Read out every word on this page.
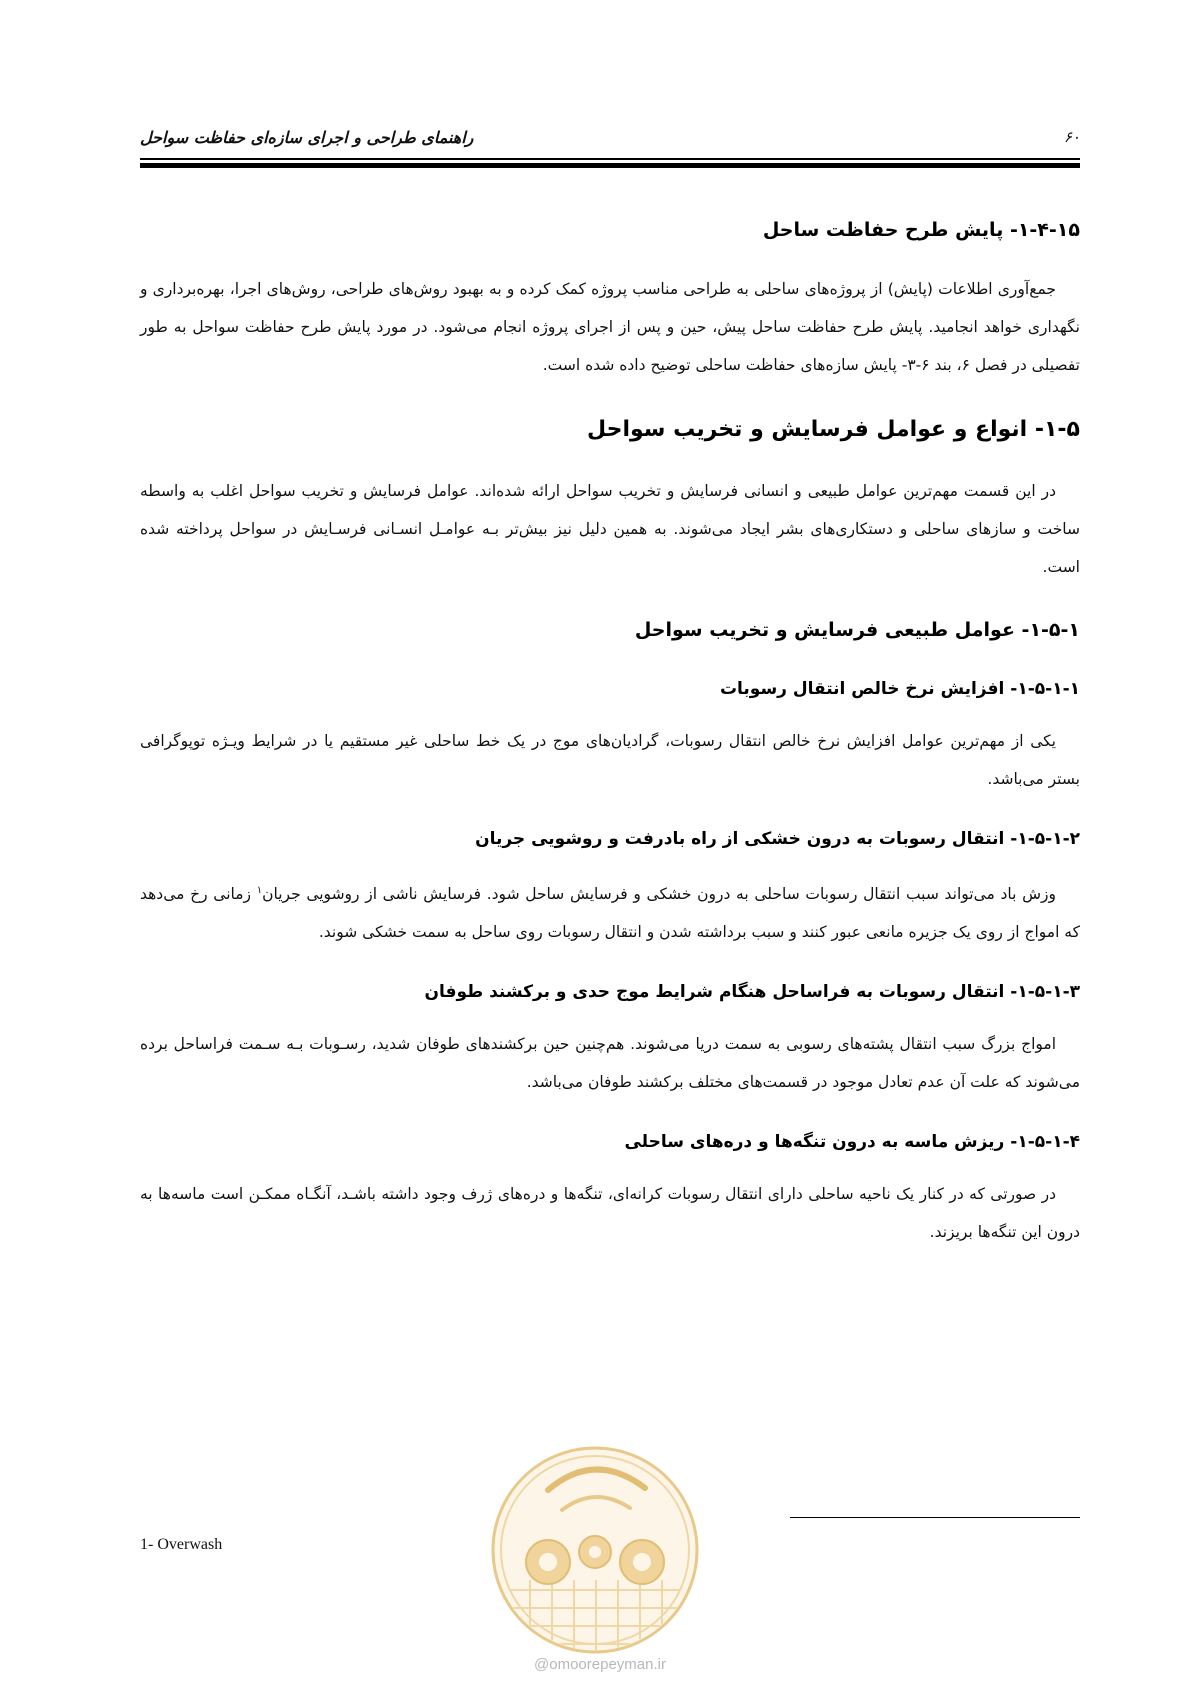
راهنمای طراحی و اجرای سازه‌ای حفاظت سواحل	۶۰
۱-۴-۱۵- پایش طرح حفاظت ساحل

جمع‌آوری اطلاعات (پایش) از پروژه‌های ساحلی به طراحی مناسب پروژه کمک کرده و به بهبود روش‌های طراحی، روش‌های اجرا، بهره‌برداری و نگهداری خواهد انجامید. پایش طرح حفاظت ساحل پیش، حین و پس از اجرای پروژه انجام می‌شود. در مورد پایش طرح حفاظت سواحل به طور تفصیلی در فصل ۶، بند ۶-۳- پایش سازه‌های حفاظت ساحلی توضیح داده شده است.

۱-۵- انواع و عوامل فرسایش و تخریب سواحل

در این قسمت مهم‌ترین عوامل طبیعی و انسانی فرسایش و تخریب سواحل ارائه شده‌اند. عوامل فرسایش و تخریب سواحل اغلب به واسطه ساخت و سازهای ساحلی و دستکاری‌های بشر ایجاد می‌شوند. به همین دلیل نیز بیش‌تر بـه عوامـل انسـانی فرسـایش در سواحل پرداخته شده است.

۱-۵-۱- عوامل طبیعی فرسایش و تخریب سواحل
۱-۵-۱-۱- افزایش نرخ خالص انتقال رسوبات

یکی از مهم‌ترین عوامل افزایش نرخ خالص انتقال رسوبات، گرادیان‌های موج در یک خط ساحلی غیر مستقیم یا در شرایط ویـژه توپوگرافی بستر می‌باشد.

۱-۵-۱-۲- انتقال رسوبات به درون خشکی از راه بادرفت و روشویی جریان

وزش باد می‌تواند سبب انتقال رسوبات ساحلی به درون خشکی و فرسایش ساحل شود. فرسایش ناشی از روشویی جریان$^۱$ زمانی رخ می‌دهد که امواج از روی یک جزیره مانعی عبور کنند و سبب برداشته شدن و انتقال رسوبات روی ساحل به سمت خشکی شوند.

۱-۵-۱-۳- انتقال رسوبات به فراساحل هنگام شرایط موج حدی و برکشند طوفان

امواج بزرگ سبب انتقال پشته‌های رسوبی به سمت دریا می‌شوند. هم‌چنین حین برکشندهای طوفان شدید، رسـوبات بـه سـمت فراساحل برده می‌شوند که علت آن عدم تعادل موجود در قسمت‌های مختلف برکشند طوفان می‌باشد.

۱-۵-۱-۴- ریزش ماسه به درون تنگه‌ها و دره‌های ساحلی

در صورتی که در کنار یک ناحیه ساحلی دارای انتقال رسوبات کرانه‌ای، تنگه‌ها و دره‌های ژرف وجود داشته باشـد، آنگـاه ممکـن است ماسه‌ها به درون این تنگه‌ها بریزند.

@omoorepeyman.ir
1- Overwash
